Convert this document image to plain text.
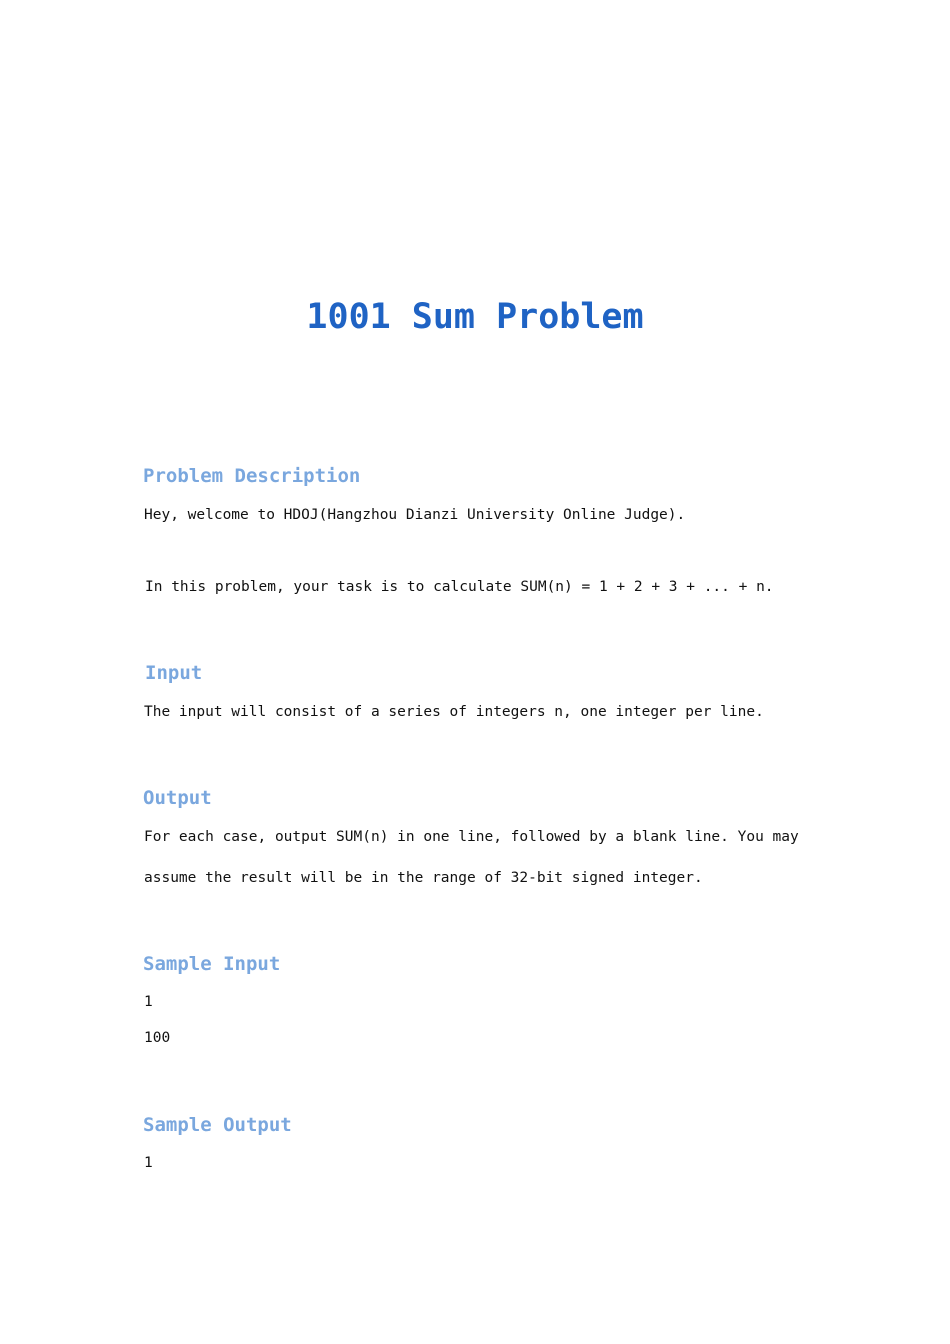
1001 Sum Problem
Problem Description
Hey, welcome to HDOJ(Hangzhou Dianzi University Online Judge).
In this problem, your task is to calculate SUM(n) = 1 + 2 + 3 + ... + n.
Input
The input will consist of a series of integers n, one integer per line.
Output
For each case, output SUM(n) in one line, followed by a blank line. You may
assume the result will be in the range of 32-bit signed integer.
Sample Input
1
100
Sample Output
1
